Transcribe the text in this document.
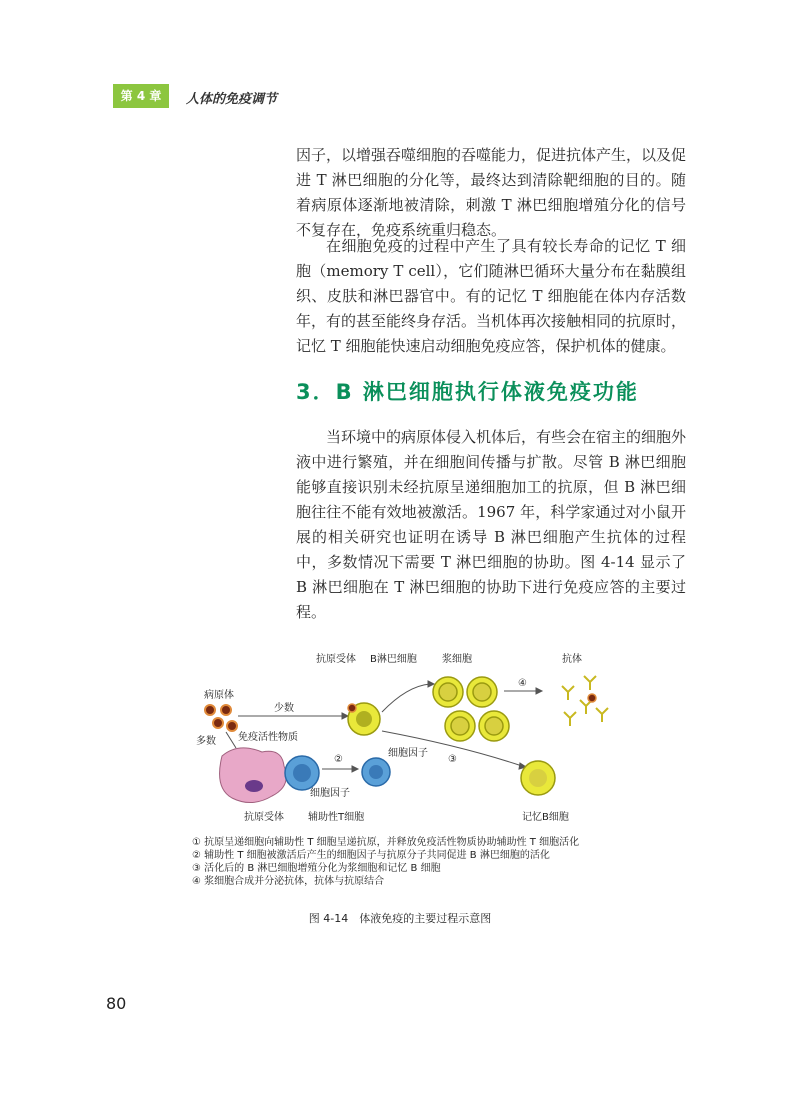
第 4 章	人体的免疫调节

因子，以增强吞噬细胞的吞噬能力，促进抗体产生，以及促进 T 淋巴细胞的分化等，最终达到清除靶细胞的目的。随着病原体逐渐地被清除，刺激 T 淋巴细胞增殖分化的信号不复存在，免疫系统重归稳态。

在细胞免疫的过程中产生了具有较长寿命的记忆 T 细胞（memory T cell），它们随淋巴循环大量分布在黏膜组织、皮肤和淋巴器官中。有的记忆 T 细胞能在体内存活数年，有的甚至能终身存活。当机体再次接触相同的抗原时，记忆 T 细胞能快速启动细胞免疫应答，保护机体的健康。

3．B 淋巴细胞执行体液免疫功能

当环境中的病原体侵入机体后，有些会在宿主的细胞外液中进行繁殖，并在细胞间传播与扩散。尽管 B 淋巴细胞能够直接识别未经抗原呈递细胞加工的抗原，但 B 淋巴细胞往往不能有效地被激活。1967 年，科学家通过对小鼠开展的相关研究也证明在诱导 B 淋巴细胞产生抗体的过程中，多数情况下需要 T 淋巴细胞的协助。图 4-14 显示了 B 淋巴细胞在 T 淋巴细胞的协助下进行免疫应答的主要过程。

抗原受体 B淋巴细胞	浆细胞	抗体
病原体
少数
多数 免疫活性物质
细胞因子
细胞因子
抗原受体 辅助性T细胞	记忆B细胞
②	③
④
① 抗原呈递细胞向辅助性 T 细胞呈递抗原，并释放免疫活性物质协助辅助性 T 细胞活化
② 辅助性 T 细胞被激活后产生的细胞因子与抗原分子共同促进 B 淋巴细胞的活化
③ 活化后的 B 淋巴细胞增殖分化为浆细胞和记忆 B 细胞
④ 浆细胞合成并分泌抗体，抗体与抗原结合
图 4-14　体液免疫的主要过程示意图
80
